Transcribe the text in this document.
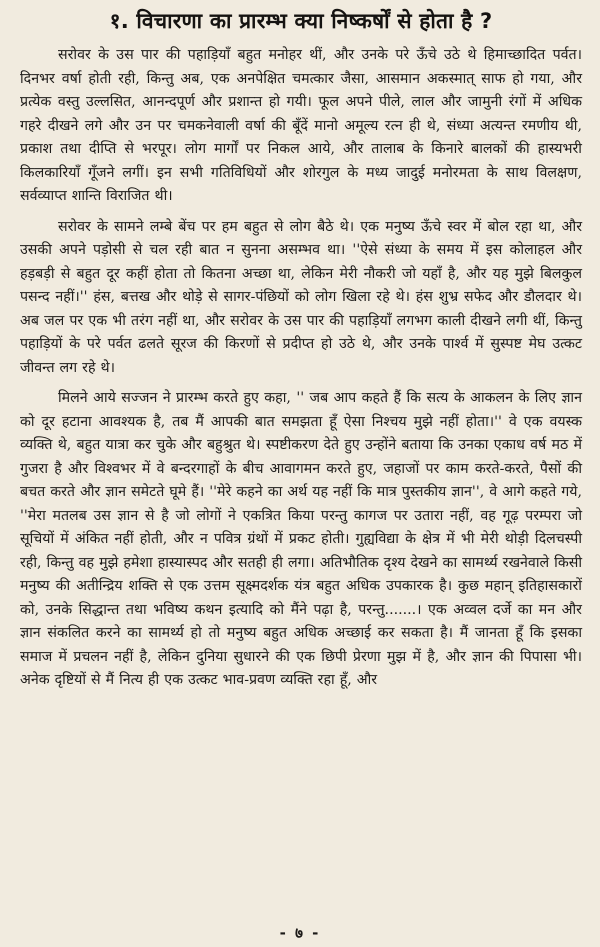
१. विचारणा का प्रारम्भ क्या निष्कर्षों से होता है ?

सरोवर के उस पार की पहाड़ियाँ बहुत मनोहर थीं, और उनके परे ऊँचे उठे थे हिमाच्छादित पर्वत। दिनभर वर्षा होती रही, किन्तु अब, एक अनपेक्षित चमत्कार जैसा, आसमान अकस्मात् साफ हो गया, और प्रत्येक वस्तु उल्लसित, आनन्दपूर्ण और प्रशान्त हो गयी। फूल अपने पीले, लाल और जामुनी रंगों में अधिक गहरे दीखने लगे और उन पर चमकनेवाली वर्षा की बूँदें मानो अमूल्य रत्न ही थे, संध्या अत्यन्त रमणीय थी, प्रकाश तथा दीप्ति से भरपूर। लोग मार्गों पर निकल आये, और तालाब के किनारे बालकों की हास्यभरी किलकारियाँ गूँजने लगीं। इन सभी गतिविधियों और शोरगुल के मध्य जादुई मनोरमता के साथ विलक्षण, सर्वव्याप्त शान्ति विराजित थी।

सरोवर के सामने लम्बे बेंच पर हम बहुत से लोग बैठे थे। एक मनुष्य ऊँचे स्वर में बोल रहा था, और उसकी अपने पड़ोसी से चल रही बात न सुनना असम्भव था। ''ऐसे संध्या के समय में इस कोलाहल और हड़बड़ी से बहुत दूर कहीं होता तो कितना अच्छा था, लेकिन मेरी नौकरी जो यहाँ है, और यह मुझे बिलकुल पसन्द नहीं।'' हंस, बत्तख और थोड़े से सागर-पंछियों को लोग खिला रहे थे। हंस शुभ्र सफेद और डौलदार थे। अब जल पर एक भी तरंग नहीं था, और सरोवर के उस पार की पहाड़ियाँ लगभग काली दीखने लगी थीं, किन्तु पहाड़ियों के परे पर्वत ढलते सूरज की किरणों से प्रदीप्त हो उठे थे, और उनके पार्श्व में सुस्पष्ट मेघ उत्कट जीवन्त लग रहे थे।

मिलने आये सज्जन ने प्रारम्भ करते हुए कहा, '' जब आप कहते हैं कि सत्य के आकलन के लिए ज्ञान को दूर हटाना आवश्यक है, तब मैं आपकी बात समझता हूँ ऐसा निश्चय मुझे नहीं होता।'' वे एक वयस्क व्यक्ति थे, बहुत यात्रा कर चुके और बहुश्रुत थे। स्पष्टीकरण देते हुए उन्होंने बताया कि उनका एकाध वर्ष मठ में गुजरा है और विश्वभर में वे बन्दरगाहों के बीच आवागमन करते हुए, जहाजों पर काम करते-करते, पैसों की बचत करते और ज्ञान समेटते घूमे हैं। ''मेरे कहने का अर्थ यह नहीं कि मात्र पुस्तकीय ज्ञान'', वे आगे कहते गये, ''मेरा मतलब उस ज्ञान से है जो लोगों ने एकत्रित किया परन्तु कागज पर उतारा नहीं, वह गूढ़ परम्परा जो सूचियों में अंकित नहीं होती, और न पवित्र ग्रंथों में प्रकट होती। गुह्यविद्या के क्षेत्र में भी मेरी थोड़ी दिलचस्पी रही, किन्तु वह मुझे हमेशा हास्यास्पद और सतही ही लगा। अतिभौतिक दृश्य देखने का सामर्थ्य रखनेवाले किसी मनुष्य की अतीन्द्रिय शक्ति से एक उत्तम सूक्ष्मदर्शक यंत्र बहुत अधिक उपकारक है। कुछ महान् इतिहासकारों को, उनके सिद्धान्त तथा भविष्य कथन इत्यादि को मैंने पढ़ा है, परन्तु.......। एक अव्वल दर्जे का मन और ज्ञान संकलित करने का सामर्थ्य हो तो मनुष्य बहुत अधिक अच्छाई कर सकता है। मैं जानता हूँ कि इसका समाज में प्रचलन नहीं है, लेकिन दुनिया सुधारने की एक छिपी प्रेरणा मुझ में है, और ज्ञान की पिपासा भी। अनेक दृष्टियों से मैं नित्य ही एक उत्कट भाव-प्रवण व्यक्ति रहा हूँ, और

- ७ -
